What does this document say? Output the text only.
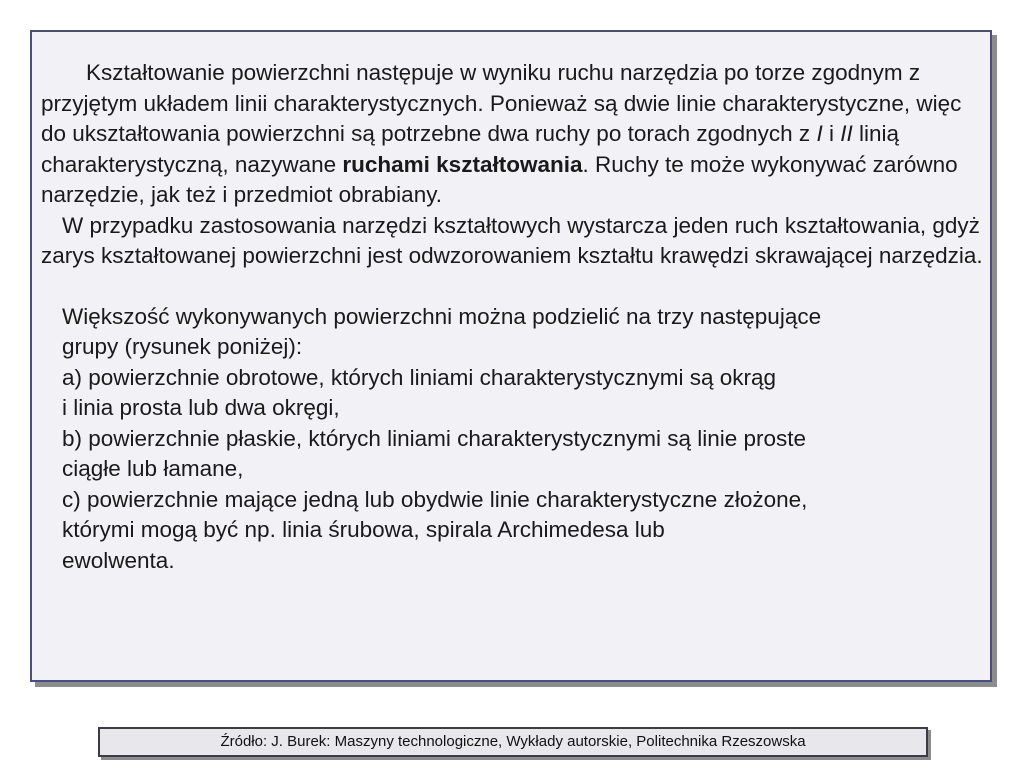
Kształtowanie powierzchni następuje w wyniku ruchu narzędzia po torze zgodnym z przyjętym układem linii charakterystycznych. Ponieważ są dwie linie charakterystyczne, więc do ukształtowania powierzchni są potrzebne dwa ruchy po torach zgodnych z I i II linią charakterystyczną, nazywane ruchami kształtowania. Ruchy te może wykonywać zarówno narzędzie, jak też i przedmiot obrabiany.

W przypadku zastosowania narzędzi kształtowych wystarcza jeden ruch kształtowania, gdyż zarys kształtowanej powierzchni jest odwzorowaniem kształtu krawędzi skrawającej narzędzia.

Większość wykonywanych powierzchni można podzielić na trzy następujące
grupy (rysunek poniżej):
a) powierzchnie obrotowe, których liniami charakterystycznymi są okrąg
i linia prosta lub dwa okręgi,
b) powierzchnie płaskie, których liniami charakterystycznymi są linie proste
ciągłe lub łamane,
c) powierzchnie mające jedną lub obydwie linie charakterystyczne złożone,
którymi mogą być np. linia śrubowa, spirala Archimedesa lub
ewolwenta.
Źródło: J. Burek: Maszyny technologiczne, Wykłady autorskie, Politechnika Rzeszowska
